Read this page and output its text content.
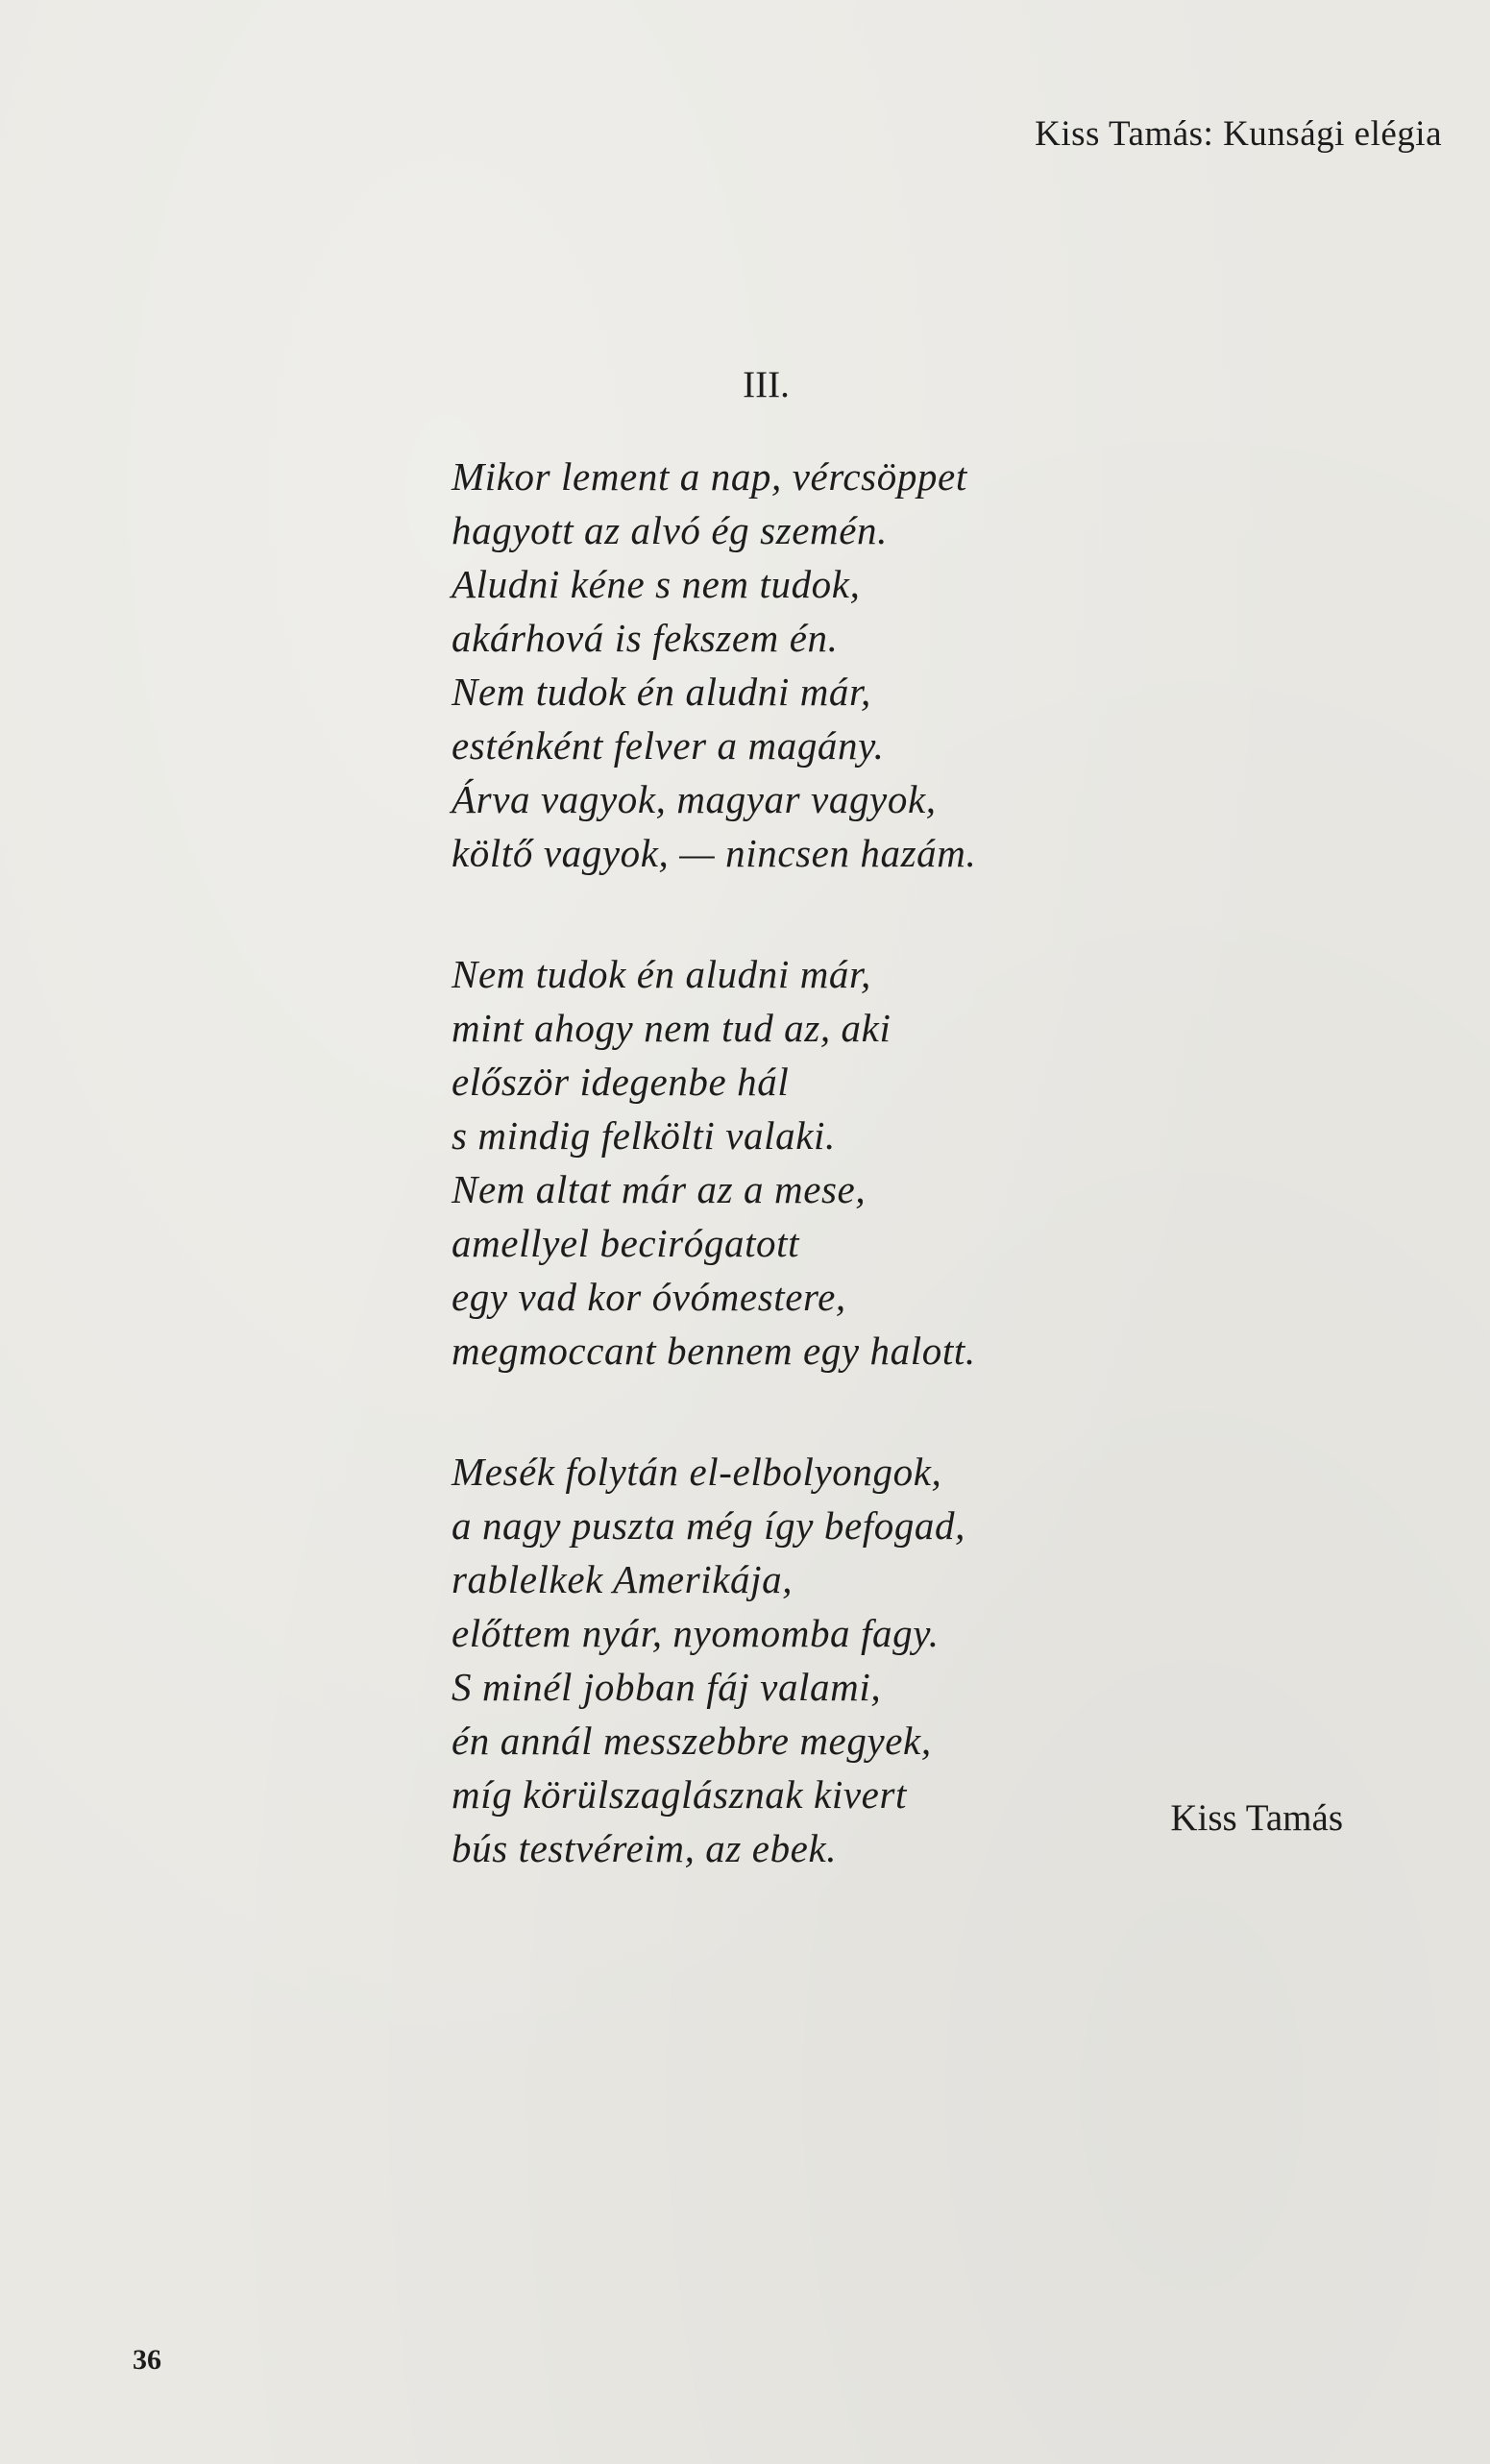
Kiss Tamás: Kunsági elégia
III.
Mikor lement a nap, vércsöppet
hagyott az alvó ég szemén.
Aludni kéne s nem tudok,
akárhová is fekszem én.
Nem tudok én aludni már,
esténként felver a magány.
Árva vagyok, magyar vagyok,
költő vagyok, — nincsen hazám.
Nem tudok én aludni már,
mint ahogy nem tud az, aki
először idegenbe hál
s mindig felkölti valaki.
Nem altat már az a mese,
amellyel becirógatott
egy vad kor óvómestere,
megmoccant bennem egy halott.
Mesék folytán el-elbolyongok,
a nagy puszta még így befogad,
rablelkek Amerikája,
előttem nyár, nyomomba fagy.
S minél jobban fáj valami,
én annál messzebbre megyek,
míg körülszaglásznak kivert
bús testvéreim, az ebek.
Kiss Tamás
36
